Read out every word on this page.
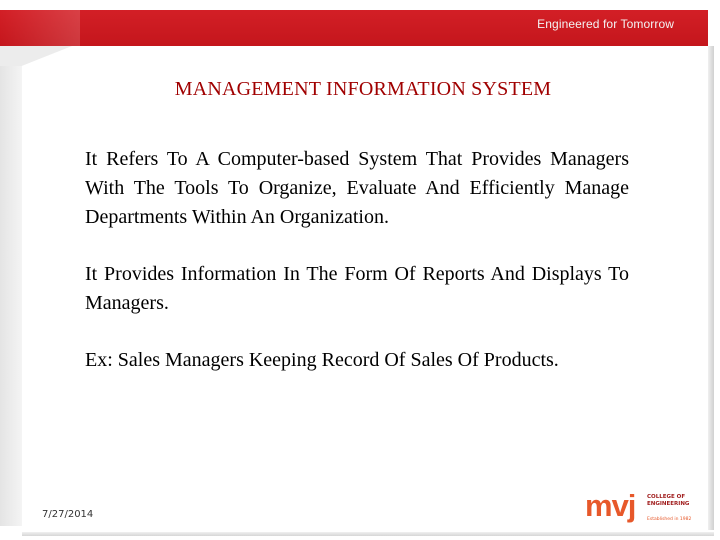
Engineered for Tomorrow
MANAGEMENT INFORMATION SYSTEM

It Refers To A Computer-based System That Provides Managers With The Tools To Organize, Evaluate And Efficiently Manage Departments Within An Organization.

It Provides Information In The Form Of Reports And Displays To Managers.

Ex: Sales Managers Keeping Record Of Sales Of Products.

7/27/2014	mvj COLLEGE OF
ENGINEERING
Established in 1982
